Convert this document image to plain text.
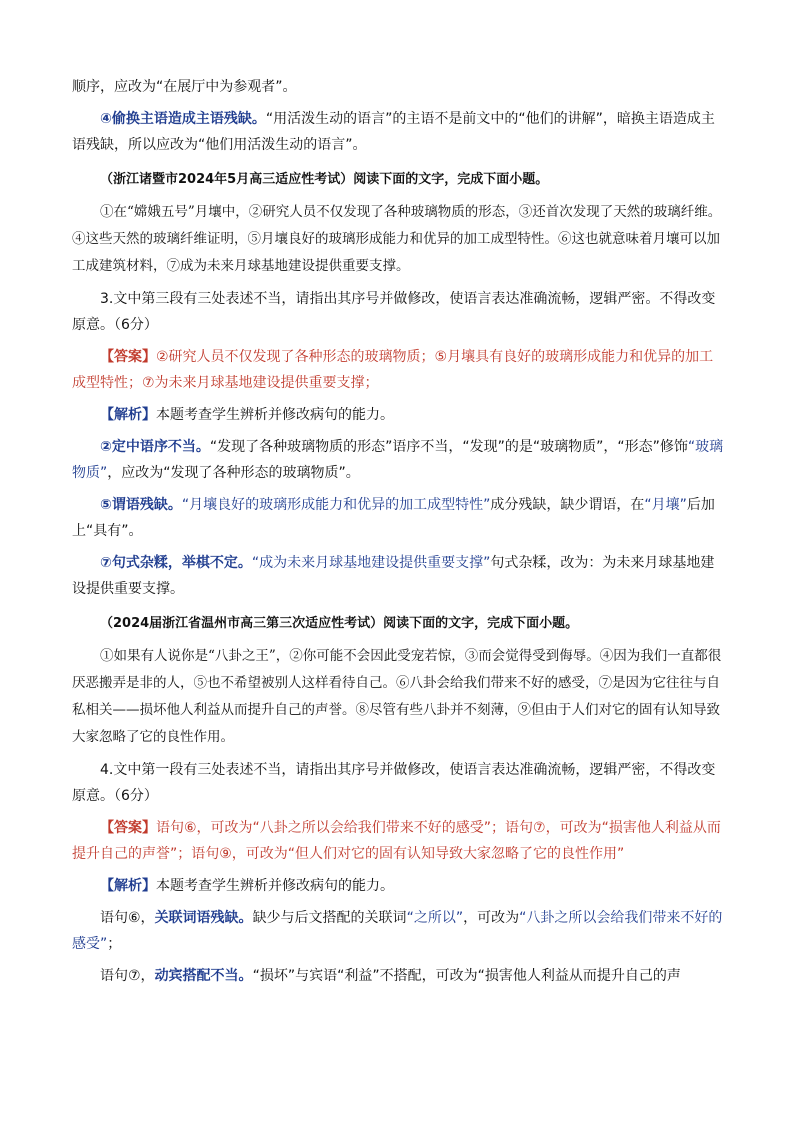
顺序，应改为“在展厅中为参观者”。

④偷换主语造成主语残缺。“用活泼生动的语言”的主语不是前文中的“他们的讲解”，暗换主语造成主语残缺，所以应改为“他们用活泼生动的语言”。

（浙江诸暨市2024年5月高三适应性考试）阅读下面的文字，完成下面小题。

①在“嫦娥五号”月壤中，②研究人员不仅发现了各种玻璃物质的形态，③还首次发现了天然的玻璃纤维。④这些天然的玻璃纤维证明，⑤月壤良好的玻璃形成能力和优异的加工成型特性。⑥这也就意味着月壤可以加工成建筑材料，⑦成为未来月球基地建设提供重要支撑。

3.文中第三段有三处表述不当，请指出其序号并做修改，使语言表达准确流畅，逻辑严密。不得改变原意。（6分）

【答案】②研究人员不仅发现了各种形态的玻璃物质；⑤月壤具有良好的玻璃形成能力和优异的加工成型特性；⑦为未来月球基地建设提供重要支撑；

【解析】本题考查学生辨析并修改病句的能力。

②定中语序不当。“发现了各种玻璃物质的形态”语序不当，“发现”的是“玻璃物质”，“形态”修饰“玻璃物质”，应改为“发现了各种形态的玻璃物质”。

⑤谓语残缺。“月壤良好的玻璃形成能力和优异的加工成型特性”成分残缺，缺少谓语，在“月壤”后加上“具有”。

⑦句式杂糅，举棋不定。“成为未来月球基地建设提供重要支撑”句式杂糅，改为：为未来月球基地建设提供重要支撑。

（2024届浙江省温州市高三第三次适应性考试）阅读下面的文字，完成下面小题。

①如果有人说你是“八卦之王”，②你可能不会因此受宠若惊，③而会觉得受到侮辱。④因为我们一直都很厌恶搬弄是非的人，⑤也不希望被别人这样看待自己。⑥八卦会给我们带来不好的感受，⑦是因为它往往与自私相关——损坏他人利益从而提升自己的声誉。⑧尽管有些八卦并不刻薄，⑨但由于人们对它的固有认知导致大家忽略了它的良性作用。

4.文中第一段有三处表述不当，请指出其序号并做修改，使语言表达准确流畅，逻辑严密，不得改变原意。（6分）

【答案】语句⑥，可改为“八卦之所以会给我们带来不好的感受”；语句⑦，可改为“损害他人利益从而提升自己的声誉”；语句⑨，可改为“但人们对它的固有认知导致大家忽略了它的良性作用”

【解析】本题考查学生辨析并修改病句的能力。

语句⑥，关联词语残缺。缺少与后文搭配的关联词“之所以”，可改为“八卦之所以会给我们带来不好的感受”；

语句⑦，动宾搭配不当。“损坏”与宾语“利益”不搭配，可改为“损害他人利益从而提升自己的声
